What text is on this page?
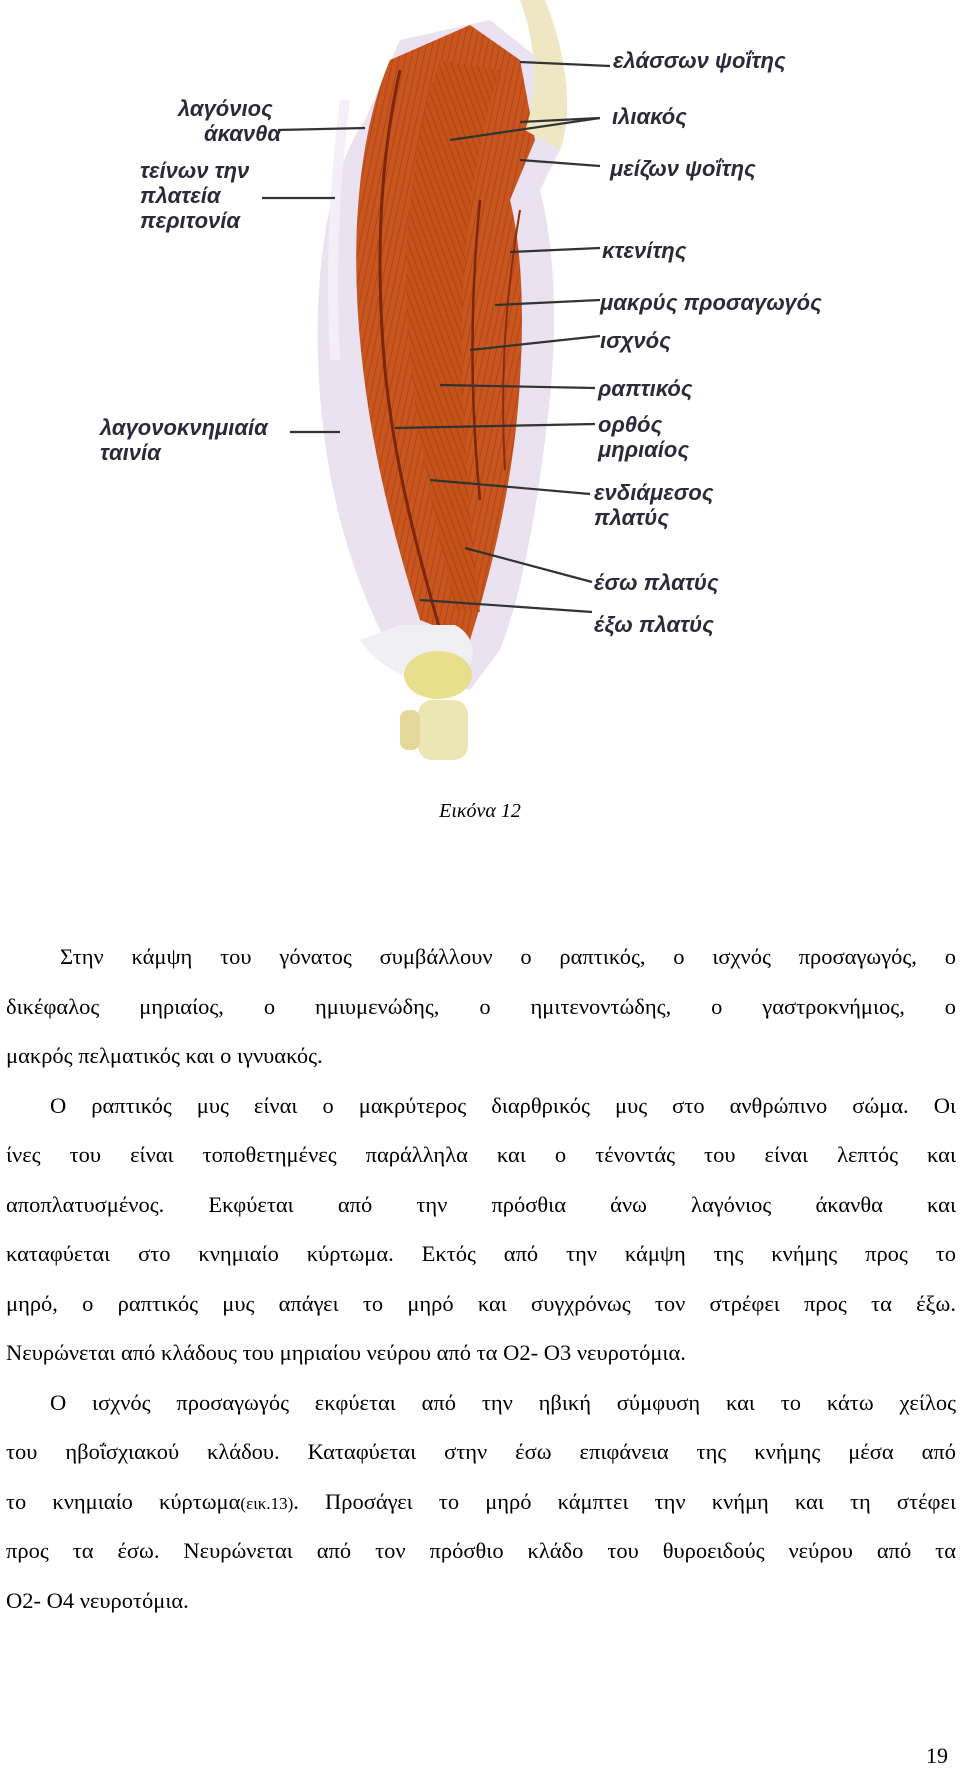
λαγόνιος
άκανθα
τείνων την
πλατεία
περιτονία
λαγονοκνημιαία
ταινία
ελάσσων ψοΐτης
ιλιακός
μείζων ψοΐτης
κτενίτης
μακρύς προσαγωγός
ισχνός
ραπτικός
ορθός
μηριαίος
ενδιάμεσος
πλατύς
έσω πλατύς
έξω πλατύς
Εικόνα 12
Στην κάμψη του γόνατος συμβάλλουν ο ραπτικός, ο ισχνός προσαγωγός, ο
δικέφαλος μηριαίος, ο ημιυμενώδης, ο ημιτενοντώδης, ο γαστροκνήμιος, ο
μακρός πελματικός και ο ιγνυακός.
Ο ραπτικός μυς είναι ο μακρύτερος διαρθρικός μυς στο ανθρώπινο σώμα. Οι
ίνες του είναι τοποθετημένες παράλληλα και ο τένοντάς του είναι λεπτός και
αποπλατυσμένος. Εκφύεται από την πρόσθια άνω λαγόνιος άκανθα και
καταφύεται στο κνημιαίο κύρτωμα. Εκτός από την κάμψη της κνήμης προς το
μηρό, ο ραπτικός μυς απάγει το μηρό και συγχρόνως τον στρέφει προς τα έξω.
Νευρώνεται από κλάδους του μηριαίου νεύρου από τα Ο2- Ο3 νευροτόμια.
Ο ισχνός προσαγωγός εκφύεται από την ηβική σύμφυση και το κάτω χείλος
του ηβοΐσχιακού κλάδου. Καταφύεται στην έσω επιφάνεια της κνήμης μέσα από
το κνημιαίο κύρτωμα(εικ.13). Προσάγει το μηρό κάμπτει την κνήμη και τη στέφει
προς τα έσω. Νευρώνεται από τον πρόσθιο κλάδο του θυροειδούς νεύρου από τα
Ο2- Ο4 νευροτόμια.
19
